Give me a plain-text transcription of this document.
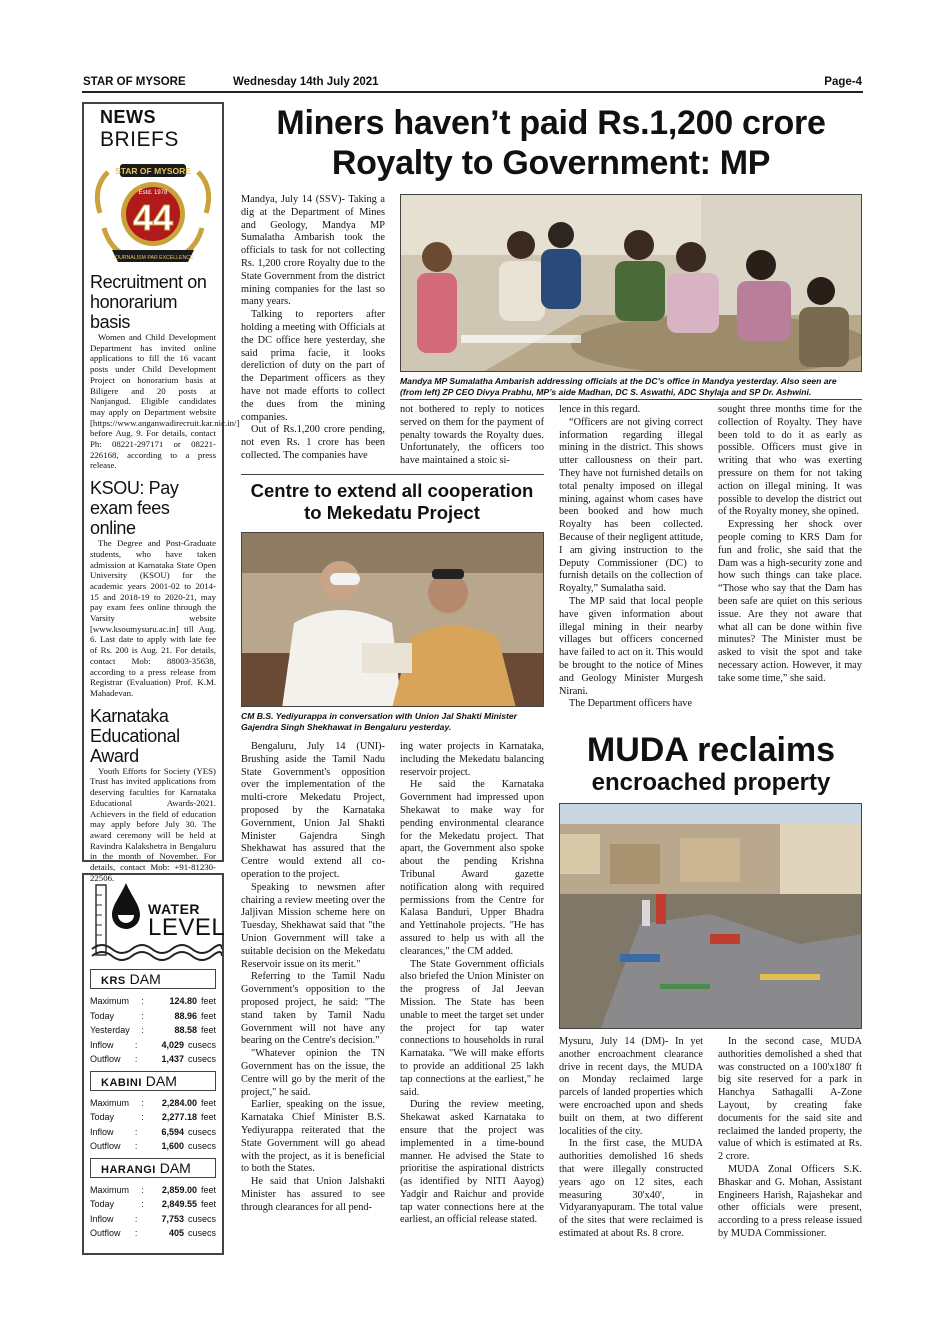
STAR OF MYSORE	Wednesday 14th July 2021	Page-4
NEWS
BRIEFS
STAR OF MYSORE
Estd. 1978
44
JOURNALISM PAR EXCELLENCE
Recruitment on honorarium basis

Women and Child Development Department has invited online applications to fill the 16 vacant posts under Child Development Project on honorarium basis at Biligere and 20 posts at Nanjangud. Eligible candidates may apply on Department website [https://www.anganwadirecruit.kar.nic.in/] before Aug. 9. For details, contact Ph: 08221-297171 or 08221-226168, according to a press release.

KSOU: Pay exam fees online

The Degree and Post-Graduate students, who have taken admission at Karnataka State Open University (KSOU) for the academic years 2001-02 to 2014-15 and 2018-19 to 2020-21, may pay exam fees online through the Varsity website [www.ksoumysuru.ac.in] till Aug. 6. Last date to apply with late fee of Rs. 200 is Aug. 21. For details, contact Mob: 88003-35638, according to a press release from Registrar (Evaluation) Prof. K.M. Mahadevan.

Karnataka Educational Award

Youth Efforts for Society (YES) Trust has invited applications from deserving faculties for Karnataka Educational Awards-2021. Achievers in the field of education may apply before July 30. The award ceremony will be held at Ravindra Kalakshetra in Bengaluru in the month of November. For details, contact Mob: +91-81230-22506.

WATER
LEVEL
KRS DAM
Maximum	:	124.80 feet
Today	:	88.96 feet
Yesterday	:	88.58 feet
Inflow	:	4,029 cusecs
Outflow	:	1,437 cusecs
KABINI DAM
Maximum	:	2,284.00 feet
Today	:	2,277.18 feet
Inflow	:	6,594 cusecs
Outflow	:	1,600 cusecs
HARANGI DAM
Maximum	:	2,859.00 feet
Today	:	2,849.55 feet
Inflow	:	7,753 cusecs
Outflow	:	405 cusecs
Miners haven’t paid Rs.1,200 crore
Royalty to Government: MP

Mandya, July 14 (SSV)- Taking a dig at the Department of Mines and Geology, Mandya MP Sumalatha Ambarish took the officials to task for not collecting Rs. 1,200 crore Royalty due to the State Government from the district mining companies for the last so many years.

Talking to reporters after holding a meeting with Officials at the DC office here yesterday, she said prima facie, it looks dereliction of duty on the part of the Department officers as they have not made efforts to collect the dues from the mining companies.

Out of Rs.1,200 crore pending, not even Rs. 1 crore has been collected. The companies have

Mandya MP Sumalatha Ambarish addressing officials at the DC’s office in Mandya yesterday. Also seen are
(from left) ZP CEO Divya Prabhu, MP’s aide Madhan, DC S. Aswathi, ADC Shylaja and SP Dr. Ashwini.

not bothered to reply to notices served on them for the payment of penalty towards the Royalty dues. Unfortunately, the officers too have maintained a stoic si-

lence in this regard.

“Officers are not giving correct information regarding illegal mining in the district. This shows utter callousness on their part. They have not furnished details on total penalty imposed on illegal mining, against whom cases have been booked and how much Royalty has been collected. Because of their negligent attitude, I am giving instruction to the Deputy Commissioner (DC) to furnish details on the collection of Royalty,” Sumalatha said.

The MP said that local people have given information about illegal mining in their nearby villages but officers concerned have failed to act on it. This would be brought to the notice of Mines and Geology Minister Murgesh Nirani.

The Department officers have

sought three months time for the collection of Royalty. They have been told to do it as early as possible. Officers must give in writing that who was exerting pressure on them for not taking action on illegal mining. It was possible to develop the district out of the Royalty money, she opined.

Expressing her shock over people coming to KRS Dam for fun and frolic, she said that the Dam was a high-security zone and how such things can take place. “Those who say that the Dam has been safe are quiet on this serious issue. Are they not aware that what all can be done within five minutes? The Minister must be asked to visit the spot and take necessary action. However, it may take some time,” she said.

Centre to extend all cooperation
to Mekedatu Project
CM B.S. Yediyurappa in conversation with Union Jal Shakti Minister Gajendra Singh Shekhawat in Bengaluru yesterday.

Bengaluru, July 14 (UNI)- Brushing aside the Tamil Nadu State Government's opposition over the implementation of the multi-crore Mekedatu Project, proposed by the Karnataka Government, Union Jal Shakti Minister Gajendra Singh Shekhawat has assured that the Centre would extend all co-operation to the project.

Speaking to newsmen after chairing a review meeting over the Jaljivan Mission scheme here on Tuesday, Shekhawat said that "the Union Government will take a suitable decision on the Mekedatu Reservoir issue on its merit."

Referring to the Tamil Nadu Government's opposition to the proposed project, he said: "The stand taken by Tamil Nadu Government will not have any bearing on the Centre's decision."

"Whatever opinion the TN Government has on the issue, the Centre will go by the merit of the project," he said.

Earlier, speaking on the issue, Karnataka Chief Minister B.S. Yediyurappa reiterated that the State Government will go ahead with the project, as it is beneficial to both the States.

He said that Union Jalshakti Minister has assured to see through clearances for all pend-

ing water projects in Karnataka, including the Mekedatu balancing reservoir project.

He said the Karnataka Government had impressed upon Shekawat to make way for pending environmental clearance for the Mekedatu project. That apart, the Government also spoke about the pending Krishna Tribunal Award gazette notification along with required permissions from the Centre for Kalasa Banduri, Upper Bhadra and Yettinahole projects. "He has assured to help us with all the clearances," the CM added.

The State Government officials also briefed the Union Minister on the progress of Jal Jeevan Mission. The State has been unable to meet the target set under the project for tap water connections to households in rural Karnataka. "We will make efforts to provide an additional 25 lakh tap connections at the earliest," he said.

During the review meeting, Shekawat asked Karnataka to ensure that the project was implemented in a time-bound manner. He advised the State to prioritise the aspirational districts (as identified by NITI Aayog) Yadgir and Raichur and provide tap water connections here at the earliest, an official release stated.

MUDA reclaims
encroached property

Mysuru, July 14 (DM)- In yet another encroachment clearance drive in recent days, the MUDA on Monday reclaimed large parcels of landed properties which were encroached upon and sheds built on them, at two different localities of the city.

In the first case, the MUDA authorities demolished 16 sheds that were illegally constructed years ago on 12 sites, each measuring 30'x40', in Vidyaranyapuram. The total value of the sites that were reclaimed is estimated at about Rs. 8 crore.

In the second case, MUDA authorities demolished a shed that was constructed on a 100'x180' ft big site reserved for a park in Hanchya Sathagalli A-Zone Layout, by creating fake documents for the said site and reclaimed the landed property, the value of which is estimated at Rs. 2 crore.

MUDA Zonal Officers S.K. Bhaskar and G. Mohan, Assistant Engineers Harish, Rajashekar and other officials were present, according to a press release issued by MUDA Commissioner.
